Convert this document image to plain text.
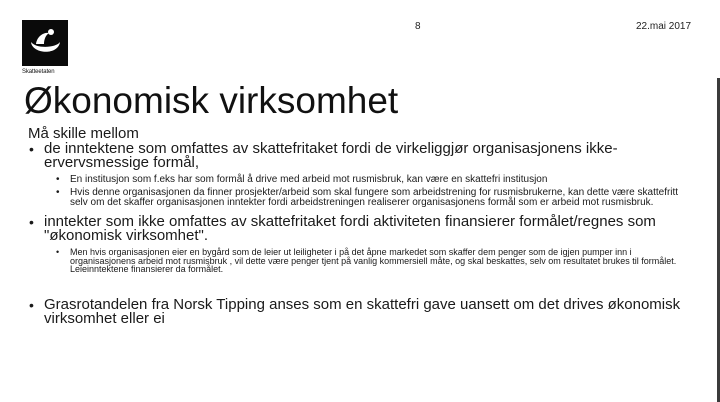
Skatteetaten
8	22.mai 2017
Økonomisk virksomhet

Må skille mellom

• de inntektene som omfattes av skattefritaket fordi de virkeliggjør organisasjonens ikke-ervervsmessige formål,

• En institusjon som f.eks har som formål å drive med arbeid mot rusmisbruk, kan være en skattefri institusjon

• Hvis denne organisasjonen da finner prosjekter/arbeid som skal fungere som arbeidstrening for rusmisbrukerne, kan dette være skattefritt selv om det skaffer organisasjonen inntekter fordi arbeidstreningen realiserer organisasjonens formål som er arbeid mot rusmisbruk.

• inntekter som ikke omfattes av skattefritaket fordi aktiviteten finansierer formålet/regnes som "økonomisk virksomhet".

• Men hvis organisasjonen eier en bygård som de leier ut leiligheter i på det åpne markedet som skaffer dem penger som de igjen pumper inn i organisasjonens arbeid mot rusmisbruk , vil dette være penger tjent på vanlig kommersiell måte, og skal beskattes, selv om resultatet brukes til formålet. Leieinntektene finansierer da formålet.

• Grasrotandelen fra Norsk Tipping anses som en skattefri gave uansett om det drives økonomisk virksomhet eller ei
